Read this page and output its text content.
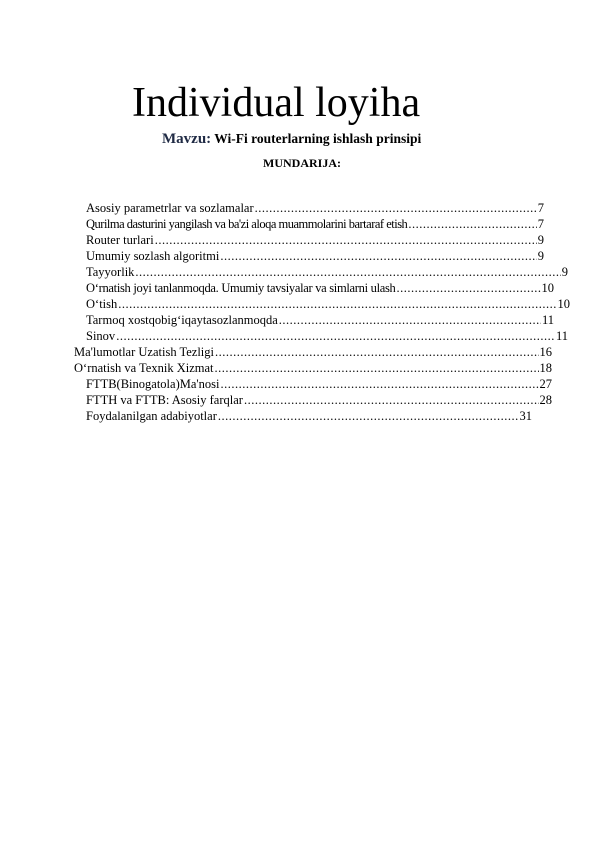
Individual loyiha
Mavzu: Wi-Fi routerlarning ishlash prinsipi
MUNDARIJA:
Asosiy parametrlar va sozlamalar .....	7
Qurilma dasturini yangilash va ba'zi aloqa muammolarini bartaraf etish .....	7
Router turlari .....	9
Umumiy sozlash algoritmi .....	9
Tayyorlik .....	9
O‘rnatish joyi tanlanmoqda. Umumiy tavsiyalar va simlarni ulash .....	10
O‘tish .....	10
Tarmoq xostqobig‘iqaytasozlanmoqda .....	11
Sinov .....	11
Ma'lumotlar Uzatish Tezligi .....	16
O‘rnatish va Texnik Xizmat .....	18
FTTB(Binogatola)Ma'nosi .....	27
FTTH va FTTB: Asosiy farqlar .....	28
Foydalanilgan adabiyotlar .....	31
